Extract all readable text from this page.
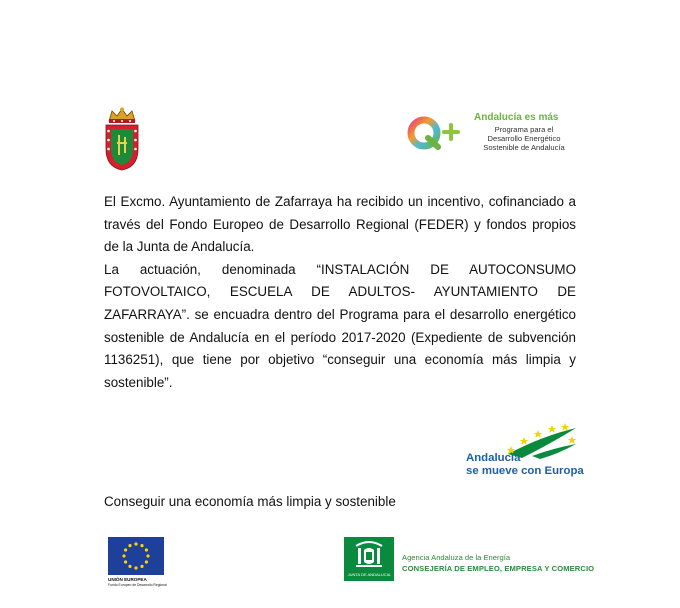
Andalucía es más
Programa para el
Desarrollo Energético
Sostenible de Andalucía

El Excmo. Ayuntamiento de Zafarraya ha recibido un incentivo, cofinanciado a través del Fondo Europeo de Desarrollo Regional (FEDER) y fondos propios de la Junta de Andalucía.

La actuación, denominada “INSTALACIÓN DE AUTOCONSUMO FOTOVOLTAICO, ESCUELA DE ADULTOS- AYUNTAMIENTO DE ZAFARRAYA”. se encuadra dentro del Programa para el desarrollo energético sostenible de Andalucía en el período 2017-2020 (Expediente de subvención 1136251), que tiene por objetivo “conseguir una economía más limpia y sostenible”.

Andalucía
se mueve con Europa
Conseguir una economía más limpia y sostenible
UNIÓN EUROPEA
Fondo Europeo de Desarrollo Regional
JUNTA DE ANDALUCIA
Agencia Andaluza de la Energía
CONSEJERÍA DE EMPLEO, EMPRESA Y COMERCIO
